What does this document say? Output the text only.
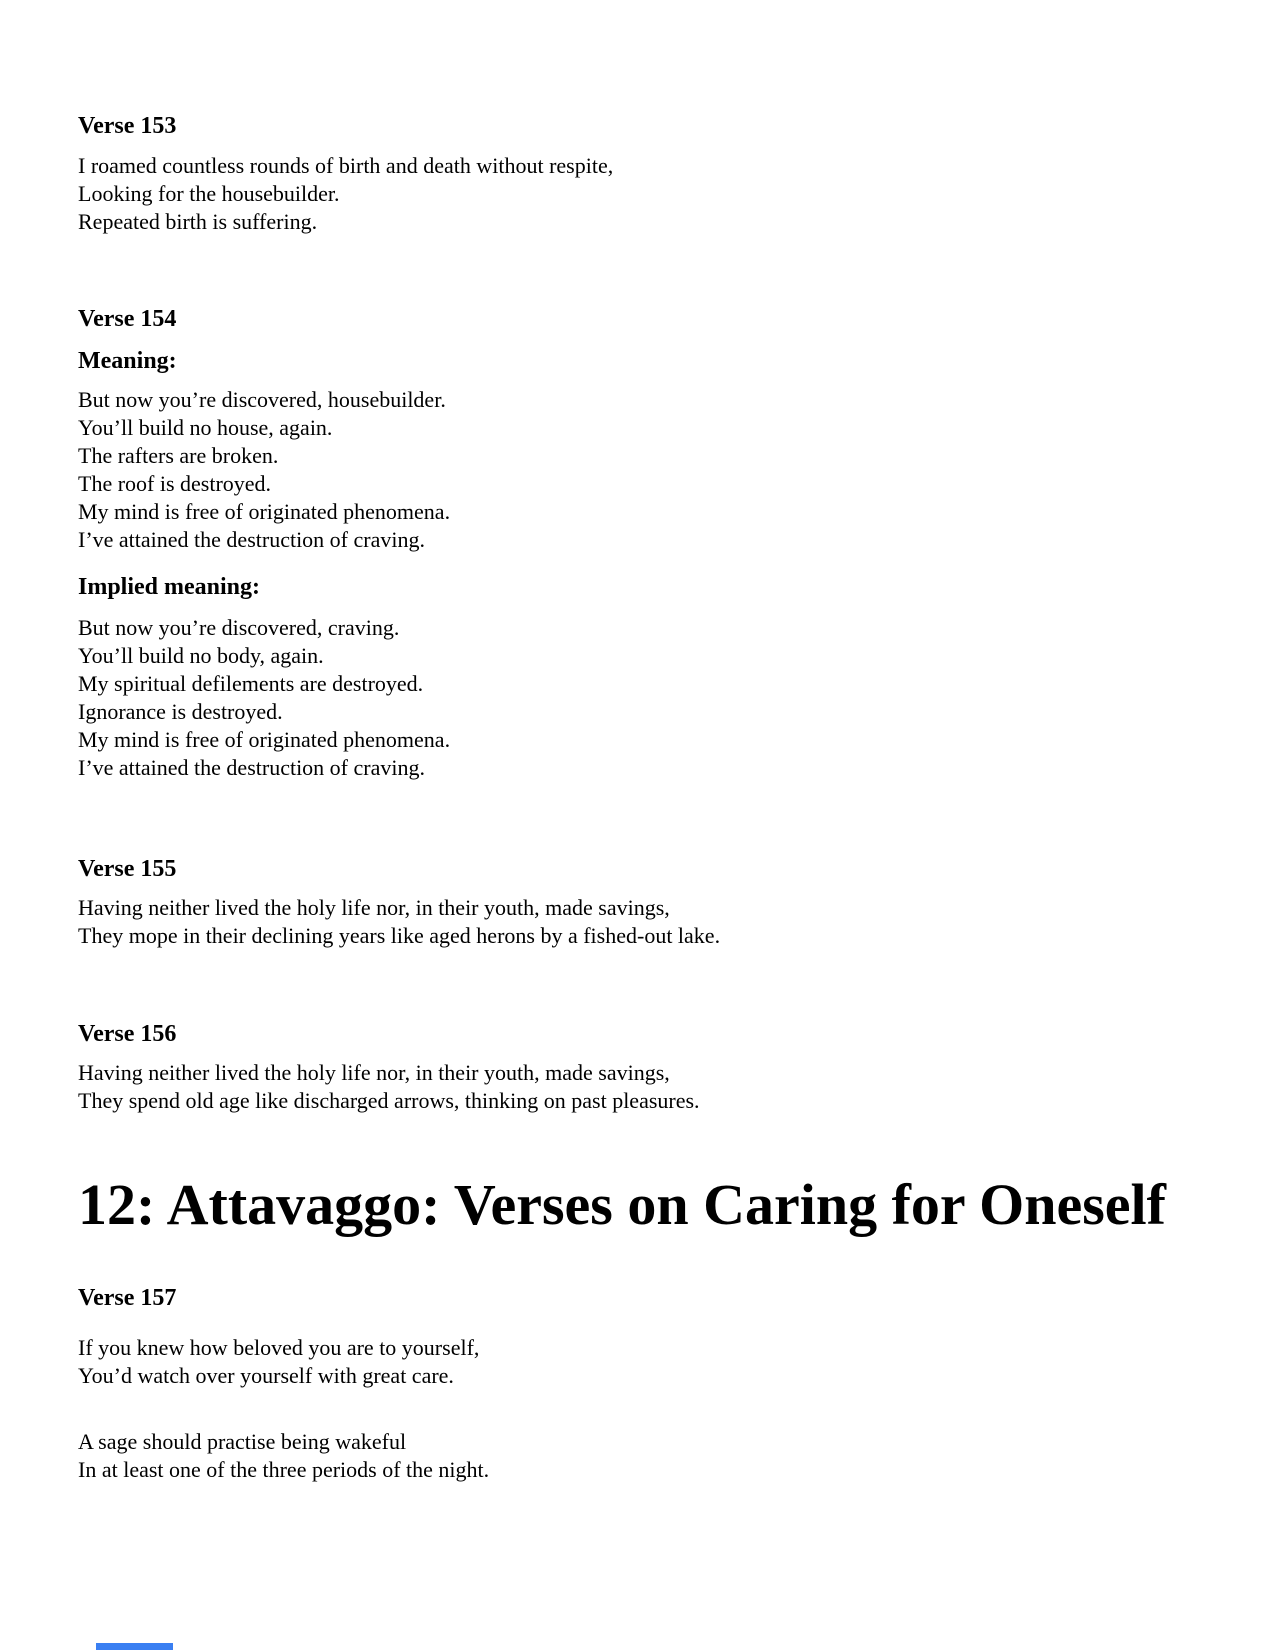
Verse 153
I roamed countless rounds of birth and death without respite,
Looking for the housebuilder.
Repeated birth is suffering.
Verse 154
Meaning:
But now you’re discovered, housebuilder.
You’ll build no house, again.
The rafters are broken.
The roof is destroyed.
My mind is free of originated phenomena.
I’ve attained the destruction of craving.
Implied meaning:
But now you’re discovered, craving.
You’ll build no body, again.
My spiritual defilements are destroyed.
Ignorance is destroyed.
My mind is free of originated phenomena.
I’ve attained the destruction of craving.
Verse 155
Having neither lived the holy life nor, in their youth, made savings,
They mope in their declining years like aged herons by a fished-out lake.
Verse 156
Having neither lived the holy life nor, in their youth, made savings,
They spend old age like discharged arrows, thinking on past pleasures.
12: Attavaggo: Verses on Caring for Oneself
Verse 157
If you knew how beloved you are to yourself,
You’d watch over yourself with great care.
A sage should practise being wakeful
In at least one of the three periods of the night.
